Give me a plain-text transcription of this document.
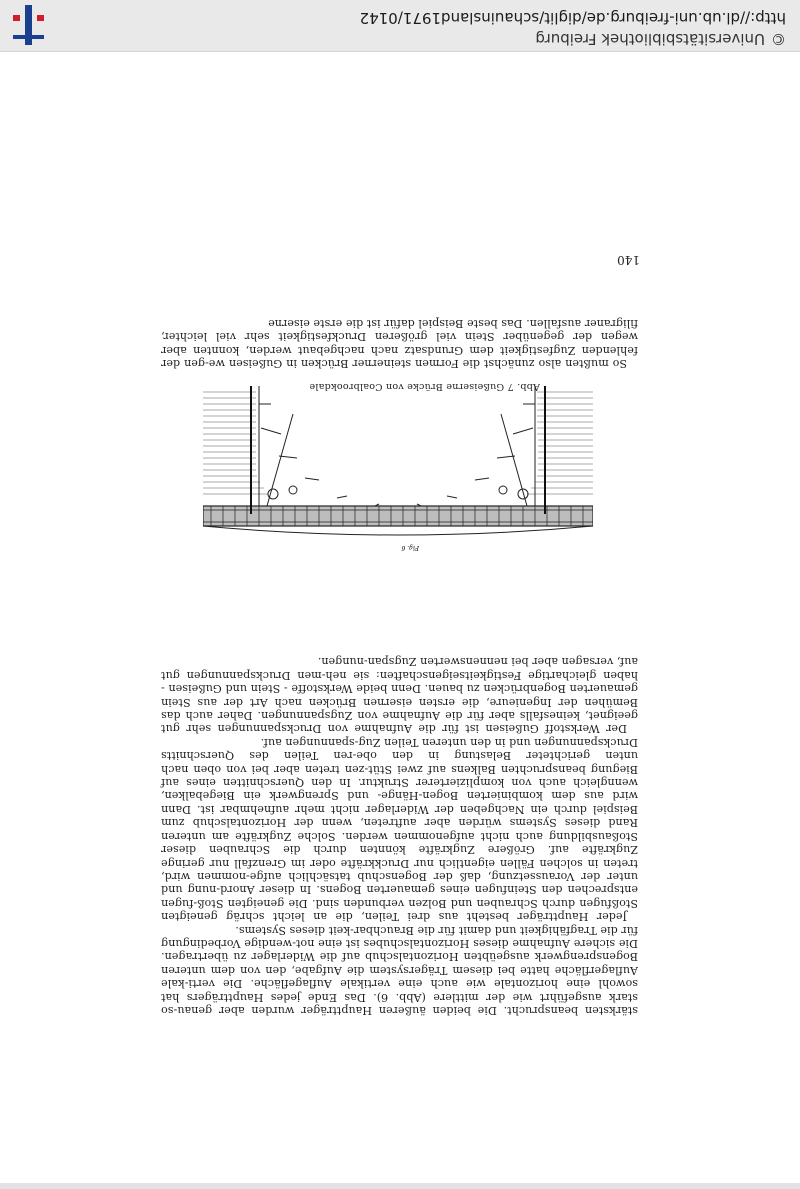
stärksten beansprucht. Die beiden äußeren Hauptträger wurden aber genau-so stark ausgeführt wie der mittlere (Abb. 6). Das Ende jedes Hauptträgers hat sowohl eine horizontale wie auch eine vertikale Auflagefläche. Die verti-kale Auflagerfläche hatte bei diesem Trägersystem die Aufgabe, den von dem unteren Bogensprengwerk ausgeübten Horizontalschub auf die Widerlager zu übertragen. Die sichere Aufnahme dieses Horizontalschubes ist eine not-wendige Vorbedingung für die Tragfähigkeit und damit für die Brauchbar-keit dieses Systems.

Jeder Hauptträger besteht aus drei Teilen, die an leicht schräg geneigten Stoßfugen durch Schrauben und Bolzen verbunden sind. Die geneigten Stoß-fugen entsprechen den Steinfugen eines gemauerten Bogens. In dieser Anord-nung und unter der Voraussetzung, daß der Bogenschub tatsächlich aufge-nommen wird, treten in solchen Fällen eigentlich nur Druckkräfte oder im Grenzfall nur geringe Zugkräfte auf. Größere Zugkräfte könnten durch die Schrauben dieser Stoßausbildung auch nicht aufgenommen werden. Solche Zugkräfte am unteren Rand dieses Systems würden aber auftreten, wenn der Horizontalschub zum Beispiel durch ein Nachgeben der Widerlager nicht mehr aufnehmbar ist. Dann wird aus dem kombinierten Bogen-Hänge- und Sprengwerk ein Biegebalken, wenngleich auch von komplizierterer Struktur. In den Querschnitten eines auf Biegung beanspruchten Balkens auf zwei Stüt-zen treten aber bei von oben nach unten gerichteter Belastung in den obe-ren Teilen des Querschnitts Druckspannungen und in den unteren Teilen Zug-spannungen auf.

Der Werkstoff Gußeisen ist für die Aufnahme von Druckspannungen sehr gut geeignet, keinesfalls aber für die Aufnahme von Zugspannungen. Daher auch das Bemühen der Ingenieure, die ersten eisernen Brücken nach Art der aus Stein gemauerten Bogenbrücken zu bauen. Denn beide Werkstoffe - Stein und Gußeisen - haben gleichartige Festigkeitseigenschaften: sie neh-men Druckspannungen gut auf, versagen aber bei nennenswerten Zugspan-nungen.

Fig. 6
Abb. 7 Gußeiserne Brücke von Coalbrookdale

So mußten also zunächst die Formen steinerner Brücken in Gußeisen we-gen der fehlenden Zugfestigkeit dem Grundsatz nach nachgebaut werden, konnten aber wegen der gegenüber Stein viel größeren Druckfestigkeit sehr viel leichter, filigraner ausfallen. Das beste Beispiel dafür ist die erste eiserne

140
©Universitätsbibliothek Freiburg
http://dl.ub.uni-freiburg.de/diglit/schauinsland1971/0142
